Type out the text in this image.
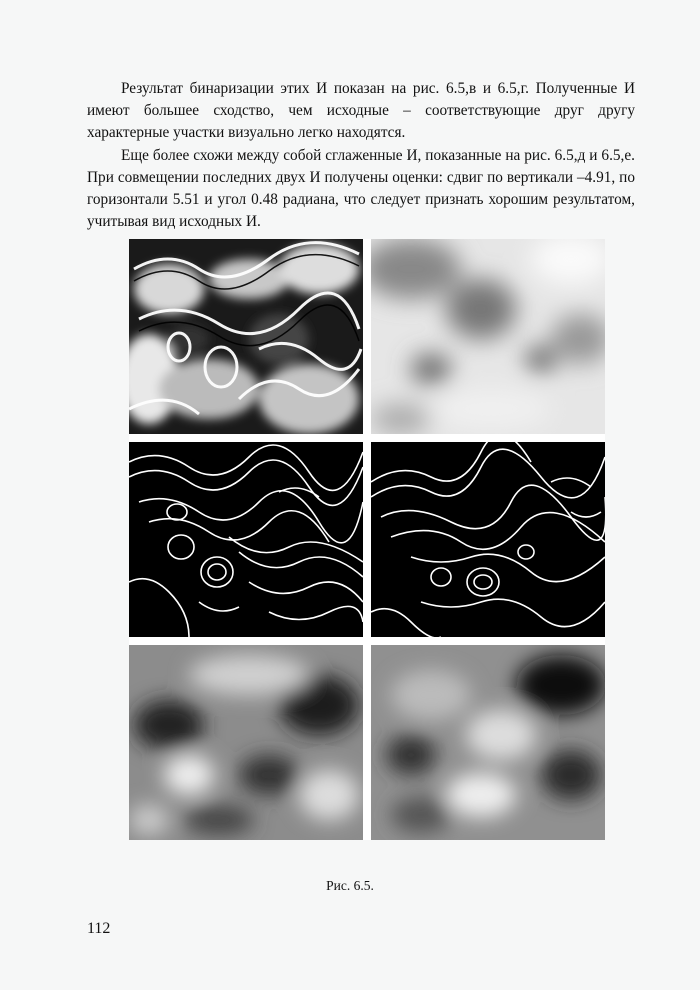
Результат бинаризации этих И показан на рис. 6.5,в и 6.5,г. Полученные И имеют большее сходство, чем исходные – соответствующие друг другу характерные участки визуально легко находятся.

Еще более схожи между собой сглаженные И, показанные на рис. 6.5,д и 6.5,е. При совмещении последних двух И получены оценки: сдвиг по вертикали –4.91, по горизонтали 5.51 и угол 0.48 радиана, что следует признать хорошим результатом, учитывая вид исходных И.

Рис. 6.5.
112
